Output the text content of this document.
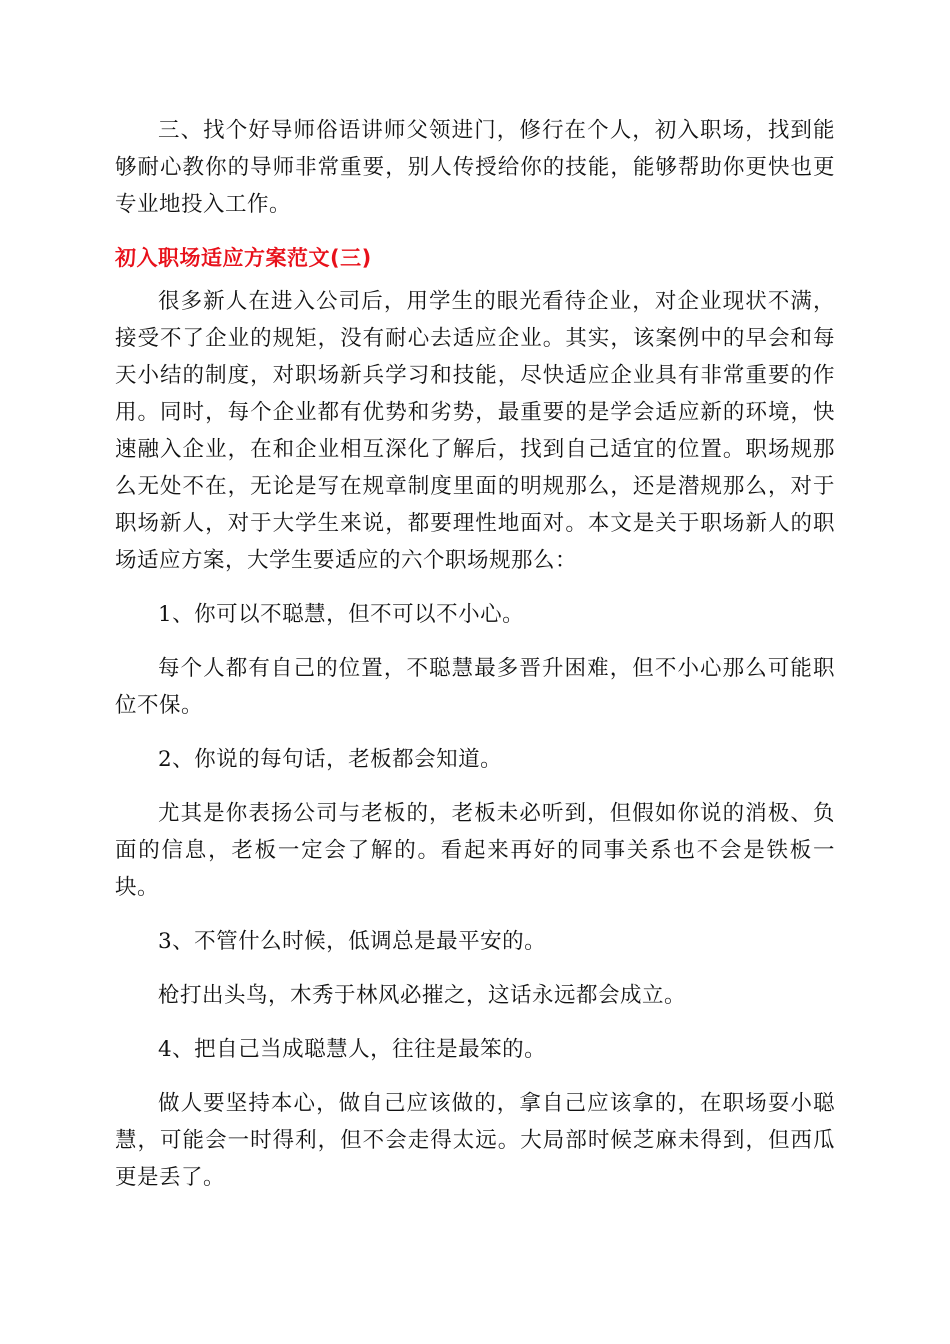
三、找个好导师俗语讲师父领进门，修行在个人，初入职场，找到能够耐心教你的导师非常重要，别人传授给你的技能，能够帮助你更快也更专业地投入工作。

初入职场适应方案范文(三)

很多新人在进入公司后，用学生的眼光看待企业，对企业现状不满，接受不了企业的规矩，没有耐心去适应企业。其实，该案例中的早会和每天小结的制度，对职场新兵学习和技能，尽快适应企业具有非常重要的作用。同时，每个企业都有优势和劣势，最重要的是学会适应新的环境，快速融入企业，在和企业相互深化了解后，找到自己适宜的位置。职场规那么无处不在，无论是写在规章制度里面的明规那么，还是潜规那么，对于职场新人，对于大学生来说，都要理性地面对。本文是关于职场新人的职场适应方案，大学生要适应的六个职场规那么：

1、你可以不聪慧，但不可以不小心。

每个人都有自己的位置，不聪慧最多晋升困难，但不小心那么可能职位不保。

2、你说的每句话，老板都会知道。

尤其是你表扬公司与老板的，老板未必听到，但假如你说的消极、负面的信息，老板一定会了解的。看起来再好的同事关系也不会是铁板一块。

3、不管什么时候，低调总是最平安的。

枪打出头鸟，木秀于林风必摧之，这话永远都会成立。

4、把自己当成聪慧人，往往是最笨的。

做人要坚持本心，做自己应该做的，拿自己应该拿的，在职场耍小聪慧，可能会一时得利，但不会走得太远。大局部时候芝麻未得到，但西瓜更是丢了。
